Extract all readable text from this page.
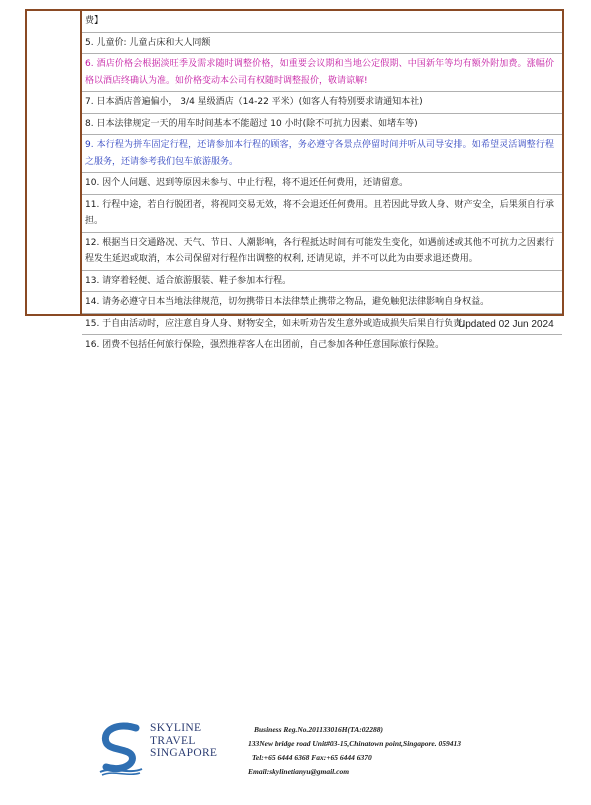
费】
5. 儿童价: 儿童占床和大人同额
6. 酒店价格会根据淡旺季及需求随时调整价格，如重要会议期和当地公定假期、中国新年等均有额外附加费。涨幅价格以酒店终确认为准。如价格变动本公司有权随时调整报价，敬请谅解!
7. 日本酒店普遍偏小， 3/4 星级酒店（14-22 平米）(如客人有特别要求请通知本社)
8. 日本法律规定一天的用车时间基本不能超过 10 小时(除不可抗力因素、如堵车等)
9. 本行程为拼车固定行程，还请参加本行程的顾客，务必遵守各景点停留时间并听从司导安排。如希望灵活调整行程之服务，还请参考我们包车旅游服务。
10. 因个人问题、迟到等原因未参与、中止行程，将不退还任何费用，还请留意。
11. 行程中途，若自行脱团者，将视同交易无效，将不会退还任何费用。且若因此导致人身、财产安全，后果须自行承担。
12. 根据当日交通路况、天气、节日、人潮影响，各行程抵达时间有可能发生变化，如遇前述或其他不可抗力之因素行程发生延迟或取消，本公司保留对行程作出调整的权利, 还请见谅，并不可以此为由要求退还费用。
13. 请穿着轻便、适合旅游服装、鞋子参加本行程。
14. 请务必遵守日本当地法律规范，切勿携带日本法律禁止携带之物品，避免触犯法律影响自身权益。
15. 于自由活动时，应注意自身人身、财物安全，如未听劝告发生意外或造成损失后果自行负责。
16. 团费不包括任何旅行保险，强烈推荐客人在出团前，自己参加各种任意国际旅行保险。
Updated 02 Jun 2024
SKYLINE
TRAVEL
SINGAPORE
Business Reg.No.201133016H(TA:02288)
133New bridge road Unit#03-15,Chinatown point,Singapore. 059413
Tel:+65 6444 6368 Fax:+65 6444 6370
Email:skylinetianyu@gmail.com
